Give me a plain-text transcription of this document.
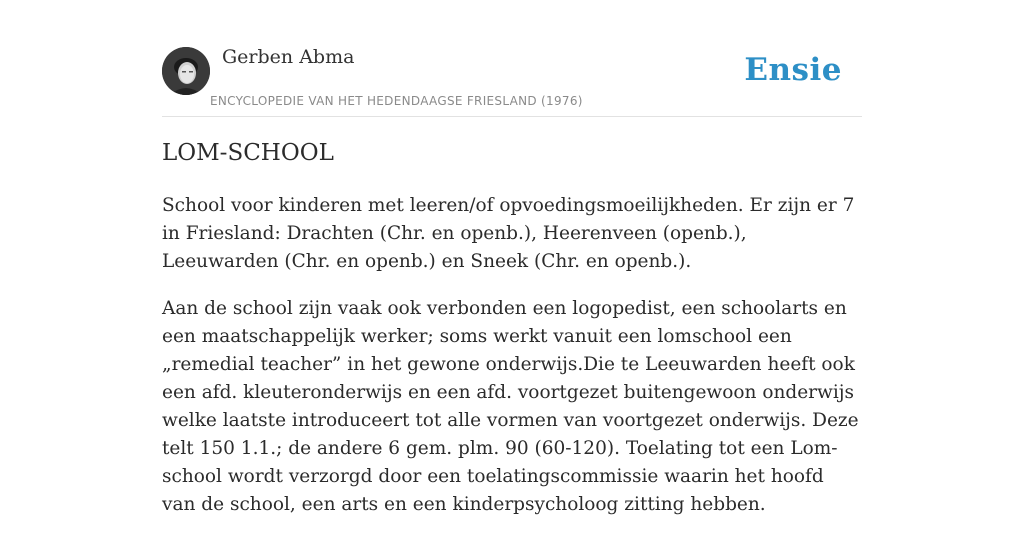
Gerben Abma
ENCYCLOPEDIE VAN HET HEDENDAAGSE FRIESLAND (1976)
Ensie
LOM-SCHOOL

School voor kinderen met leeren/of opvoedingsmoeilijkheden. Er zijn er 7 in Friesland: Drachten (Chr. en openb.), Heerenveen (openb.), Leeuwarden (Chr. en openb.) en Sneek (Chr. en openb.).

Aan de school zijn vaak ook verbonden een logopedist, een schoolarts en een maatschappelijk werker; soms werkt vanuit een lomschool een „remedial teacher” in het gewone onderwijs.Die te Leeuwarden heeft ook een afd. kleuteronderwijs en een afd. voortgezet buitengewoon onderwijs welke laatste introduceert tot alle vormen van voortgezet onderwijs. Deze telt 150 1.1.; de andere 6 gem. plm. 90 (60-120). Toelating tot een Lom-school wordt verzorgd door een toelatingscommissie waarin het hoofd van de school, een arts en een kinderpsycholoog zitting hebben.
